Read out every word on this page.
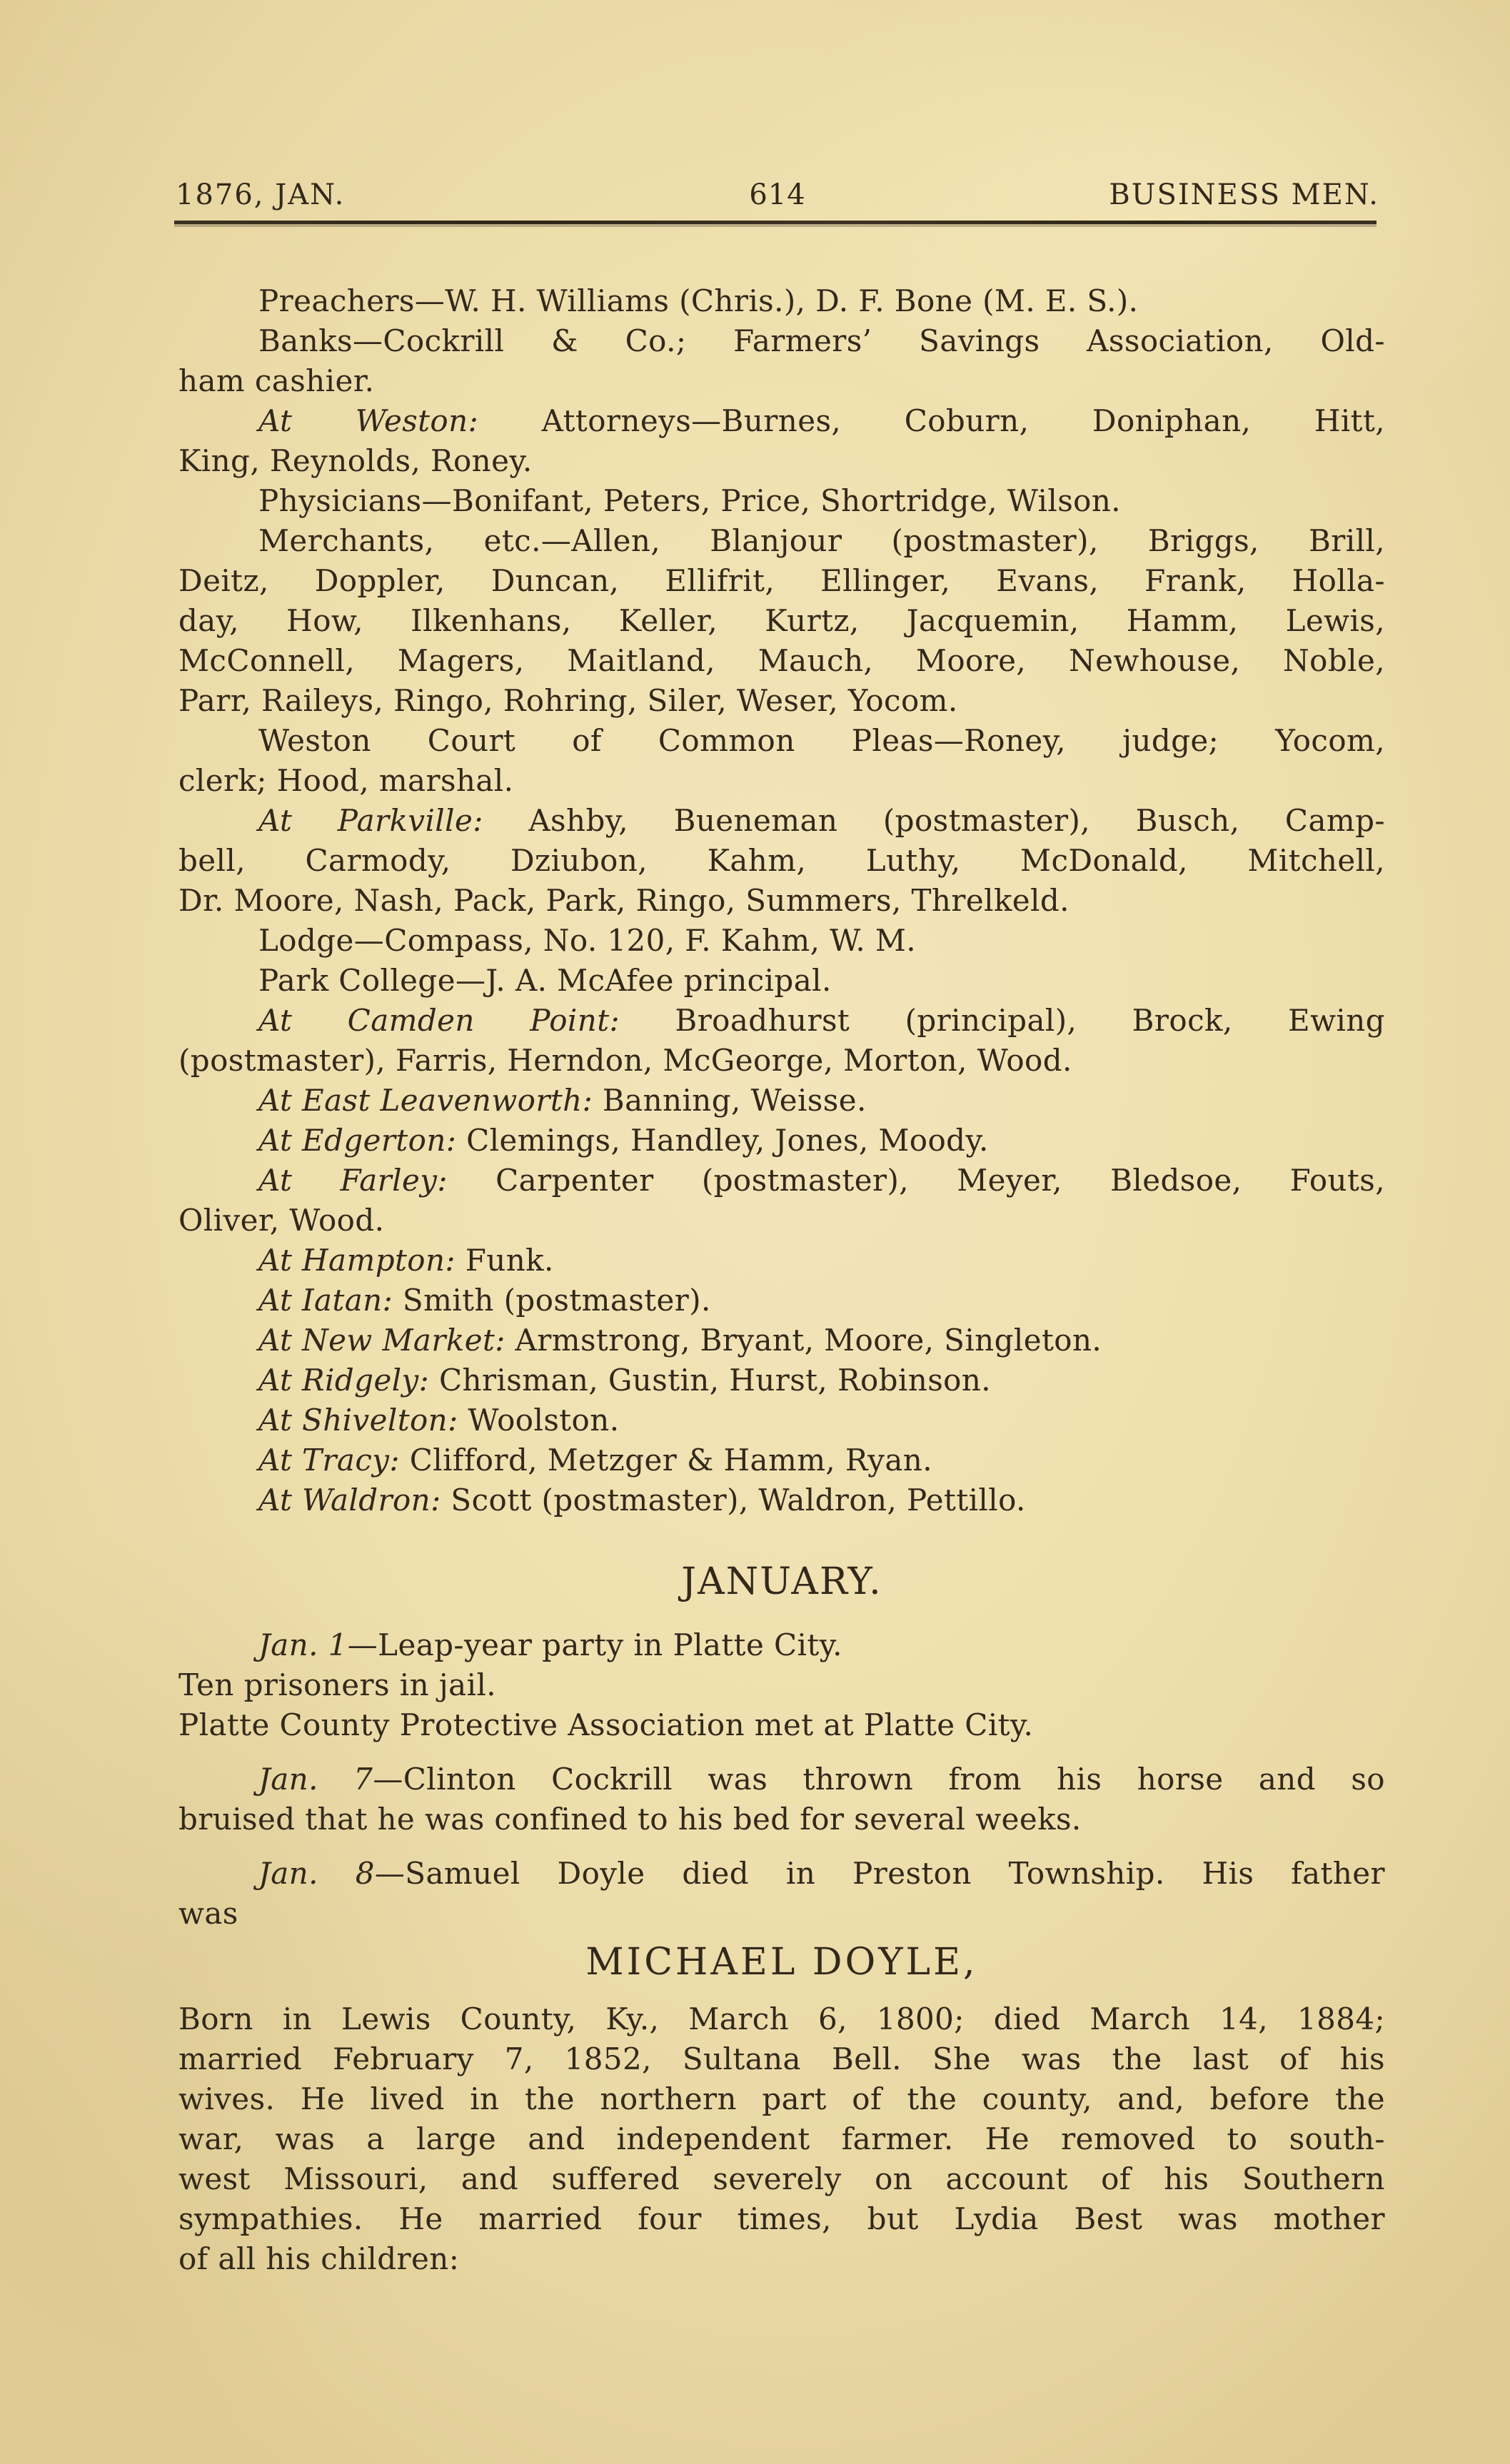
1876, JAN.	614	BUSINESS MEN.
Preachers—W. H. Williams (Chris.), D. F. Bone (M. E. S.).
Banks—Cockrill & Co.; Farmers’ Savings Association, Old-
ham cashier.
At Weston: Attorneys—Burnes, Coburn, Doniphan, Hitt,
King, Reynolds, Roney.
Physicians—Bonifant, Peters, Price, Shortridge, Wilson.
Merchants, etc.—Allen, Blanjour (postmaster), Briggs, Brill,
Deitz, Doppler, Duncan, Ellifrit, Ellinger, Evans, Frank, Holla-
day, How, Ilkenhans, Keller, Kurtz, Jacquemin, Hamm, Lewis,
McConnell, Magers, Maitland, Mauch, Moore, Newhouse, Noble,
Parr, Raileys, Ringo, Rohring, Siler, Weser, Yocom.
Weston Court of Common Pleas—Roney, judge; Yocom,
clerk; Hood, marshal.
At Parkville: Ashby, Bueneman (postmaster), Busch, Camp-
bell, Carmody, Dziubon, Kahm, Luthy, McDonald, Mitchell,
Dr. Moore, Nash, Pack, Park, Ringo, Summers, Threlkeld.
Lodge—Compass, No. 120, F. Kahm, W. M.
Park College—J. A. McAfee principal.
At Camden Point: Broadhurst (principal), Brock, Ewing
(postmaster), Farris, Herndon, McGeorge, Morton, Wood.
At East Leavenworth: Banning, Weisse.
At Edgerton: Clemings, Handley, Jones, Moody.
At Farley: Carpenter (postmaster), Meyer, Bledsoe, Fouts,
Oliver, Wood.
At Hampton: Funk.
At Iatan: Smith (postmaster).
At New Market: Armstrong, Bryant, Moore, Singleton.
At Ridgely: Chrisman, Gustin, Hurst, Robinson.
At Shivelton: Woolston.
At Tracy: Clifford, Metzger & Hamm, Ryan.
At Waldron: Scott (postmaster), Waldron, Pettillo.
JANUARY.
Jan. 1—Leap-year party in Platte City.
Ten prisoners in jail.
Platte County Protective Association met at Platte City.
Jan. 7—Clinton Cockrill was thrown from his horse and so
bruised that he was confined to his bed for several weeks.
Jan. 8—Samuel Doyle died in Preston Township. His father
was
MICHAEL DOYLE,
Born in Lewis County, Ky., March 6, 1800; died March 14, 1884;
married February 7, 1852, Sultana Bell. She was the last of his
wives. He lived in the northern part of the county, and, before the
war, was a large and independent farmer. He removed to south-
west Missouri, and suffered severely on account of his Southern
sympathies. He married four times, but Lydia Best was mother
of all his children:
